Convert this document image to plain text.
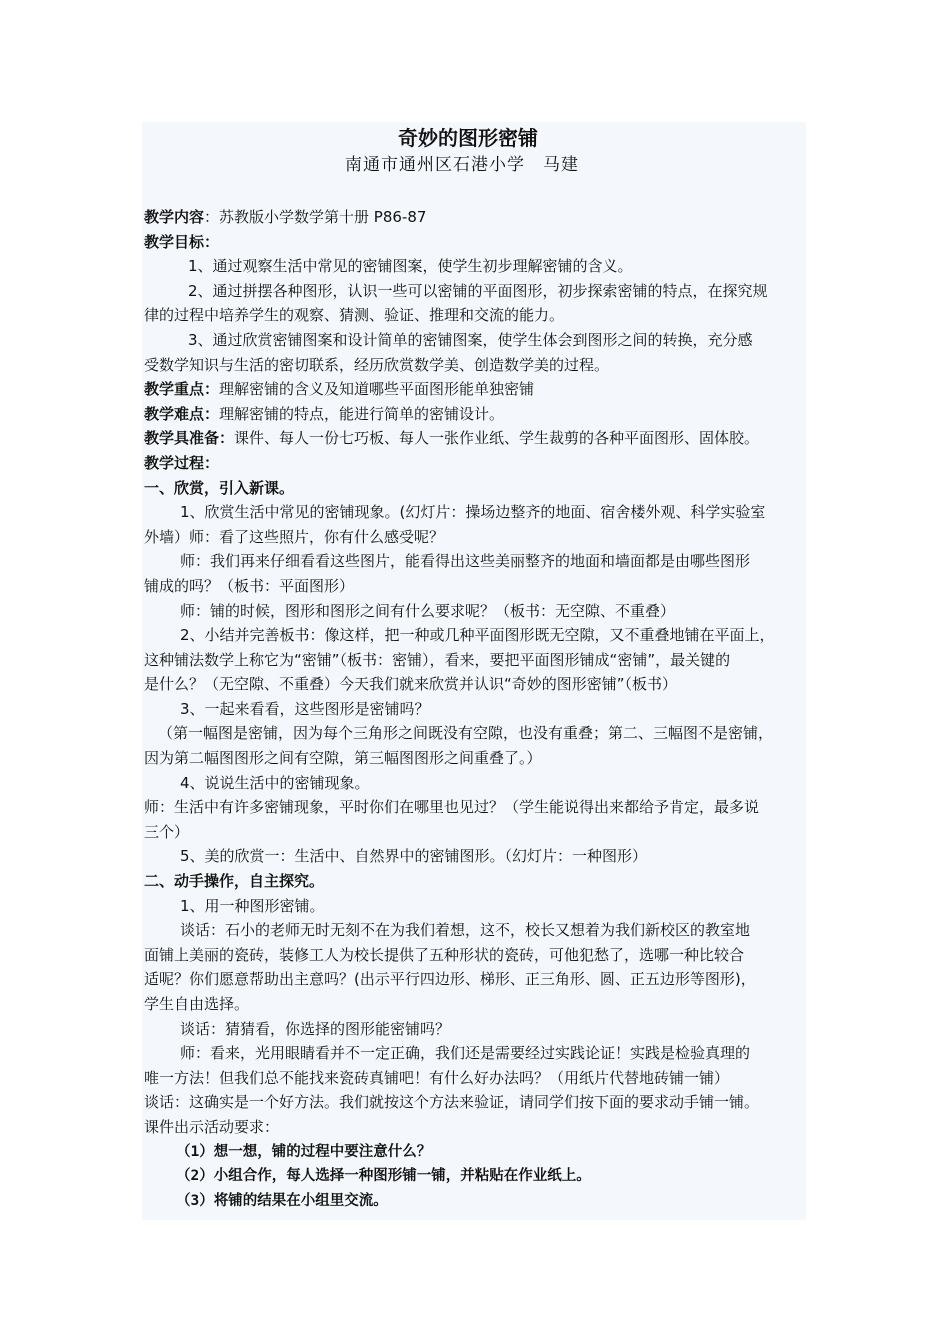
奇妙的图形密铺

南通市通州区石港小学　马建

教学内容：苏教版小学数学第十册 P86-87

教学目标：

1、通过观察生活中常见的密铺图案，使学生初步理解密铺的含义。

2、通过拼摆各种图形，认识一些可以密铺的平面图形，初步探索密铺的特点，在探究规

律的过程中培养学生的观察、猜测、验证、推理和交流的能力。

3、通过欣赏密铺图案和设计简单的密铺图案，使学生体会到图形之间的转换，充分感

受数学知识与生活的密切联系，经历欣赏数学美、创造数学美的过程。

教学重点：理解密铺的含义及知道哪些平面图形能单独密铺

教学难点：理解密铺的特点，能进行简单的密铺设计。

教学具准备：课件、每人一份七巧板、每人一张作业纸、学生裁剪的各种平面图形、固体胶。

教学过程：

一、欣赏，引入新课。

1、欣赏生活中常见的密铺现象。(幻灯片：操场边整齐的地面、宿舍楼外观、科学实验室

外墙）师：看了这些照片，你有什么感受呢？

师：我们再来仔细看看这些图片，能看得出这些美丽整齐的地面和墙面都是由哪些图形

铺成的吗？（板书：平面图形）

师：铺的时候，图形和图形之间有什么要求呢？（板书：无空隙、不重叠）

2、小结并完善板书：像这样，把一种或几种平面图形既无空隙，又不重叠地铺在平面上，

这种铺法数学上称它为“密铺”（板书：密铺），看来，要把平面图形铺成“密铺”，最关键的

是什么？（无空隙、不重叠）今天我们就来欣赏并认识“奇妙的图形密铺”（板书）

3、一起来看看，这些图形是密铺吗？

（第一幅图是密铺，因为每个三角形之间既没有空隙，也没有重叠；第二、三幅图不是密铺，

因为第二幅图图形之间有空隙，第三幅图图形之间重叠了。）

4、说说生活中的密铺现象。

师：生活中有许多密铺现象，平时你们在哪里也见过？（学生能说得出来都给予肯定，最多说

三个）

5、美的欣赏一：生活中、自然界中的密铺图形。（幻灯片：一种图形）

二、动手操作，自主探究。

1、用一种图形密铺。

谈话：石小的老师无时无刻不在为我们着想，这不，校长又想着为我们新校区的教室地

面铺上美丽的瓷砖，装修工人为校长提供了五种形状的瓷砖，可他犯愁了，选哪一种比较合

适呢？你们愿意帮助出主意吗？(出示平行四边形、梯形、正三角形、圆、正五边形等图形)，

学生自由选择。

谈话：猜猜看，你选择的图形能密铺吗？

师：看来，光用眼睛看并不一定正确，我们还是需要经过实践论证！实践是检验真理的

唯一方法！但我们总不能找来瓷砖真铺吧！有什么好办法吗？（用纸片代替地砖铺一铺）

谈话：这确实是一个好方法。我们就按这个方法来验证，请同学们按下面的要求动手铺一铺。

课件出示活动要求：

（1）想一想，铺的过程中要注意什么？

（2）小组合作，每人选择一种图形铺一铺，并粘贴在作业纸上。

（3）将铺的结果在小组里交流。
